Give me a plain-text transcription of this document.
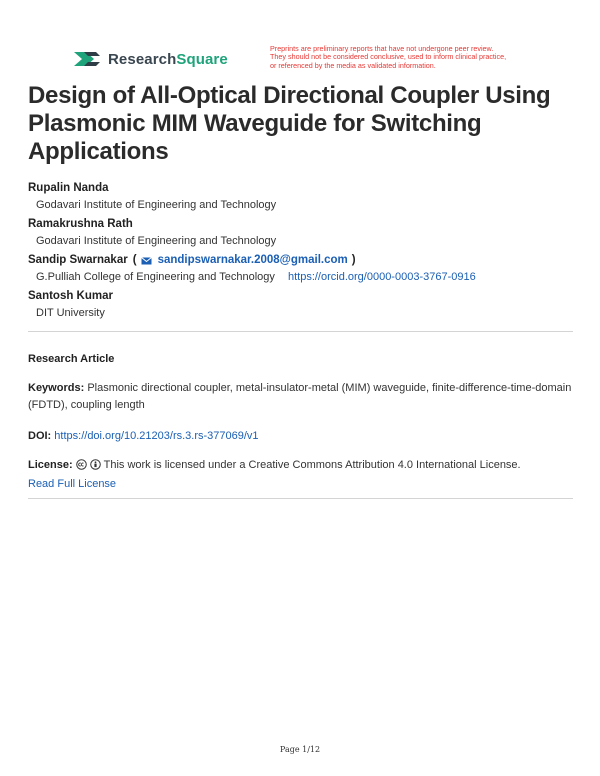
ResearchSquare
Preprints are preliminary reports that have not undergone peer review.
They should not be considered conclusive, used to inform clinical practice,
or referenced by the media as validated information.
Design of All-Optical Directional Coupler Using Plasmonic MIM Waveguide for Switching Applications
Rupalin Nanda
Godavari Institute of Engineering and Technology
Ramakrushna Rath
Godavari Institute of Engineering and Technology
Sandip Swarnakar ( sandipswarnakar.2008@gmail.com )
G.Pulliah College of Engineering and Technology https://orcid.org/0000-0003-3767-0916
Santosh Kumar
DIT University
Research Article
Keywords: Plasmonic directional coupler, metal-insulator-metal (MIM) waveguide, finite-difference-time-domain (FDTD), coupling length
DOI: https://doi.org/10.21203/rs.3.rs-377069/v1
License:	This work is licensed under a Creative Commons Attribution 4.0 International License.
Read Full License
Page 1/12
